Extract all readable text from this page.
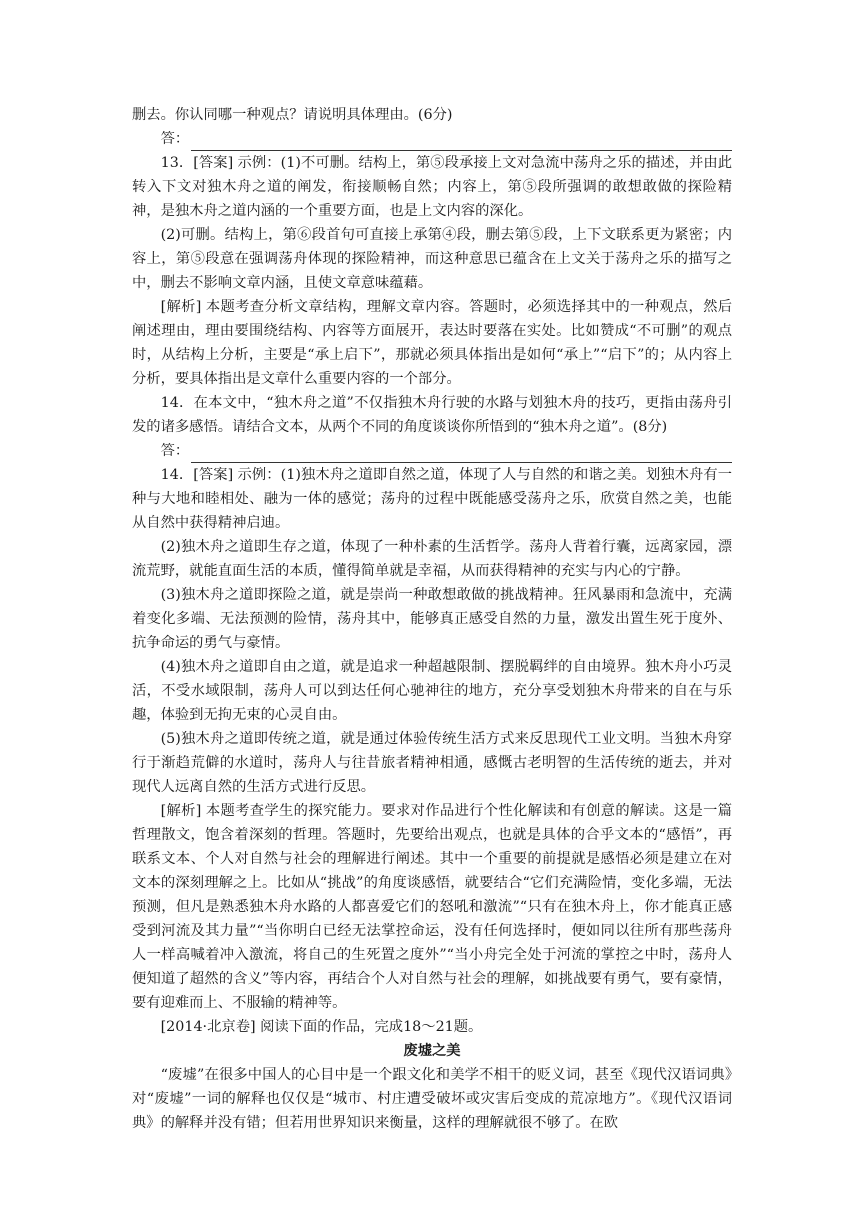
删去。你认同哪一种观点？请说明具体理由。(6分)

答：

13．[答案] 示例：(1)不可删。结构上，第⑤段承接上文对急流中荡舟之乐的描述，并由此转入下文对独木舟之道的阐发，衔接顺畅自然；内容上，第⑤段所强调的敢想敢做的探险精神，是独木舟之道内涵的一个重要方面，也是上文内容的深化。

(2)可删。结构上，第⑥段首句可直接上承第④段，删去第⑤段，上下文联系更为紧密；内容上，第⑤段意在强调荡舟体现的探险精神，而这种意思已蕴含在上文关于荡舟之乐的描写之中，删去不影响文章内涵，且使文章意味蕴藉。

[解析] 本题考查分析文章结构，理解文章内容。答题时，必须选择其中的一种观点，然后阐述理由，理由要围绕结构、内容等方面展开，表达时要落在实处。比如赞成“不可删”的观点时，从结构上分析，主要是“承上启下”，那就必须具体指出是如何“承上”“启下”的；从内容上分析，要具体指出是文章什么重要内容的一个部分。

14．在本文中，“独木舟之道”不仅指独木舟行驶的水路与划独木舟的技巧，更指由荡舟引发的诸多感悟。请结合文本，从两个不同的角度谈谈你所悟到的“独木舟之道”。(8分)

答：

14．[答案] 示例：(1)独木舟之道即自然之道，体现了人与自然的和谐之美。划独木舟有一种与大地和睦相处、融为一体的感觉；荡舟的过程中既能感受荡舟之乐，欣赏自然之美，也能从自然中获得精神启迪。

(2)独木舟之道即生存之道，体现了一种朴素的生活哲学。荡舟人背着行囊，远离家园，漂流荒野，就能直面生活的本质，懂得简单就是幸福，从而获得精神的充实与内心的宁静。

(3)独木舟之道即探险之道，就是崇尚一种敢想敢做的挑战精神。狂风暴雨和急流中，充满着变化多端、无法预测的险情，荡舟其中，能够真正感受自然的力量，激发出置生死于度外、抗争命运的勇气与豪情。

(4)独木舟之道即自由之道，就是追求一种超越限制、摆脱羁绊的自由境界。独木舟小巧灵活，不受水域限制，荡舟人可以到达任何心驰神往的地方，充分享受划独木舟带来的自在与乐趣，体验到无拘无束的心灵自由。

(5)独木舟之道即传统之道，就是通过体验传统生活方式来反思现代工业文明。当独木舟穿行于渐趋荒僻的水道时，荡舟人与往昔旅者精神相通，感慨古老明智的生活传统的逝去，并对现代人远离自然的生活方式进行反思。

[解析] 本题考查学生的探究能力。要求对作品进行个性化解读和有创意的解读。这是一篇哲理散文，饱含着深刻的哲理。答题时，先要给出观点，也就是具体的合乎文本的“感悟”，再联系文本、个人对自然与社会的理解进行阐述。其中一个重要的前提就是感悟必须是建立在对文本的深刻理解之上。比如从“挑战”的角度谈感悟，就要结合“它们充满险情，变化多端，无法预测，但凡是熟悉独木舟水路的人都喜爱它们的怒吼和激流”“只有在独木舟上，你才能真正感受到河流及其力量”“当你明白已经无法掌控命运，没有任何选择时，便如同以往所有那些荡舟人一样高喊着冲入激流，将自己的生死置之度外”“当小舟完全处于河流的掌控之中时，荡舟人便知道了超然的含义”等内容，再结合个人对自然与社会的理解，如挑战要有勇气，要有豪情，要有迎难而上、不服输的精神等。

[2014·北京卷] 阅读下面的作品，完成18～21题。

废墟之美

“废墟”在很多中国人的心目中是一个跟文化和美学不相干的贬义词，甚至《现代汉语词典》对“废墟”一词的解释也仅仅是“城市、村庄遭受破坏或灾害后变成的荒凉地方”。《现代汉语词典》的解释并没有错；但若用世界知识来衡量，这样的理解就很不够了。在欧
